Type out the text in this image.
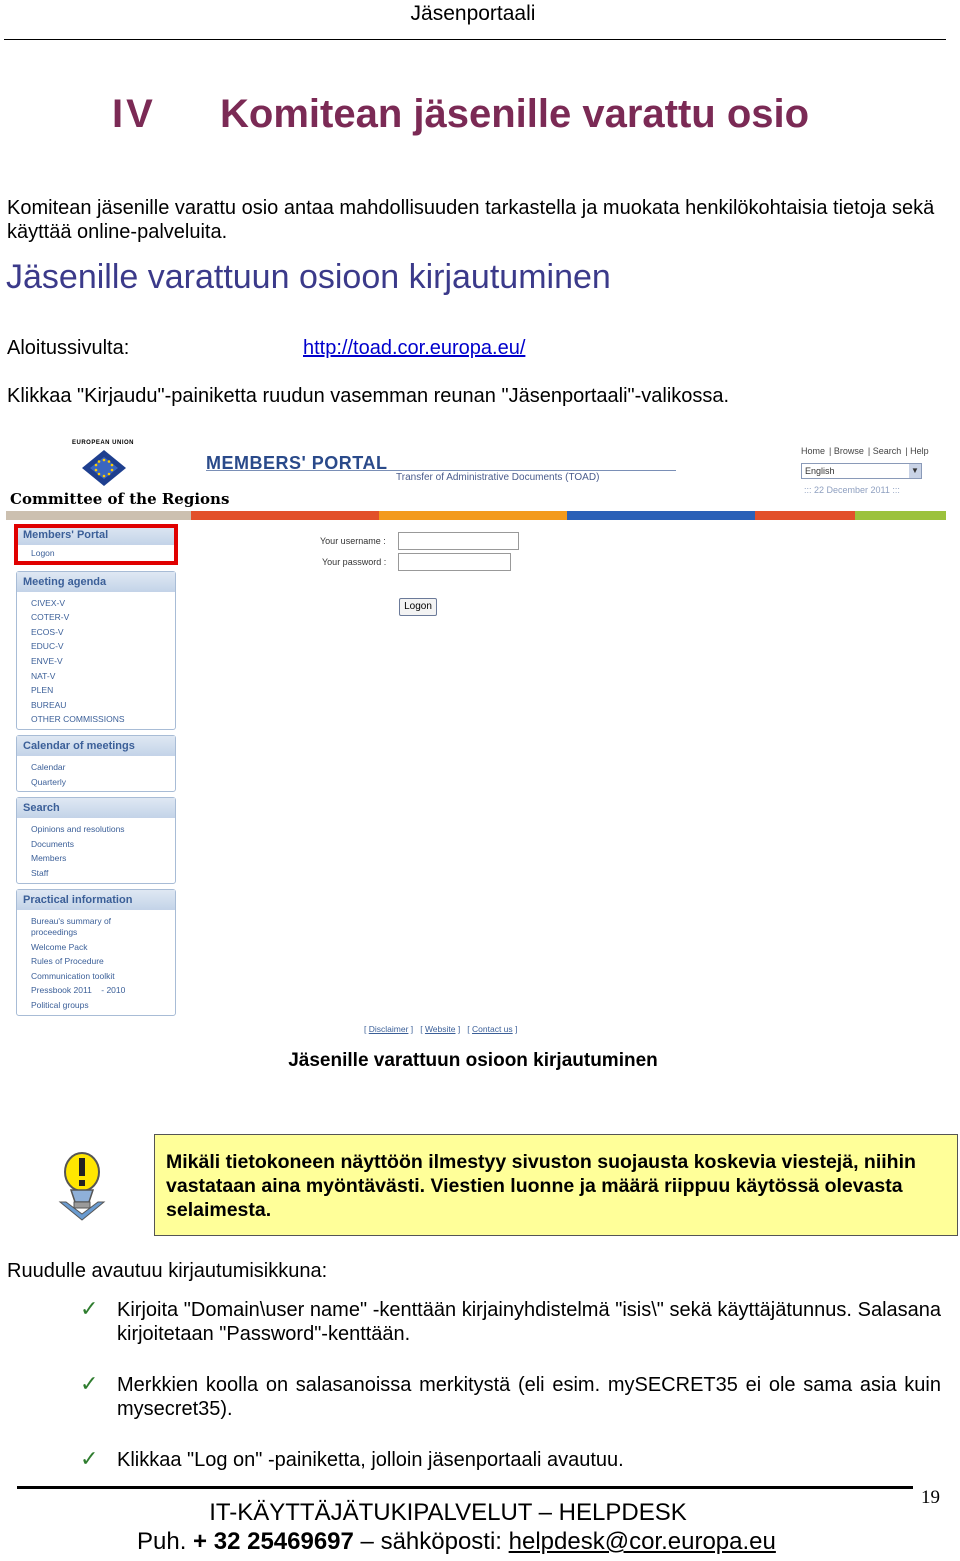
Jäsenportaali
IV Komitean jäsenille varattu osio
Komitean jäsenille varattu osio antaa mahdollisuuden tarkastella ja muokata henkilökohtaisia tietoja sekä käyttää online-palveluita.
Jäsenille varattuun osioon kirjautuminen
Aloitussivulta:	http://toad.cor.europa.eu/
Klikkaa "Kirjaudu"-painiketta ruudun vasemman reunan "Jäsenportaali"-valikossa.
EUROPEAN UNION
Committee of the Regions
MEMBERS' PORTAL
Transfer of Administrative Documents (TOAD)
Home | Browse | Search | Help
English	▼
::: 22 December 2011 :::
Members' Portal
Logon
Meeting agenda
CIVEX-V
COTER-V
ECOS-V
EDUC-V
ENVE-V
NAT-V
PLEN
BUREAU
OTHER COMMISSIONS
Calendar of meetings
Calendar
Quarterly
Search
Opinions and resolutions
Documents
Members
Staff
Practical information
Bureau's summary of
proceedings
Welcome Pack
Rules of Procedure
Communication toolkit
Pressbook 2011    - 2010
Political groups
Your username :
Your password :
Logon
[ Disclaimer ]   [ Website ]   [ Contact us ]
Jäsenille varattuun osioon kirjautuminen
Mikäli tietokoneen näyttöön ilmestyy sivuston suojausta koskevia viestejä, niihin vastataan aina myöntävästi. Viestien luonne ja määrä riippuu käytössä olevasta selaimesta.
Ruudulle avautuu kirjautumisikkuna:
✓ Kirjoita "Domain\user name" -kenttään kirjainyhdistelmä "isis\" sekä käyttäjätunnus. Salasana kirjoitetaan "Password"-kenttään.
✓ Merkkien koolla on salasanoissa merkitystä (eli esim. mySECRET35 ei ole sama asia kuin mysecret35).
✓ Klikkaa "Log on" -painiketta, jolloin jäsenportaali avautuu.
19
IT-KÄYTTÄJÄTUKIPALVELUT – HELPDESK
Puh. + 32 25469697 – sähköposti: helpdesk@cor.europa.eu
